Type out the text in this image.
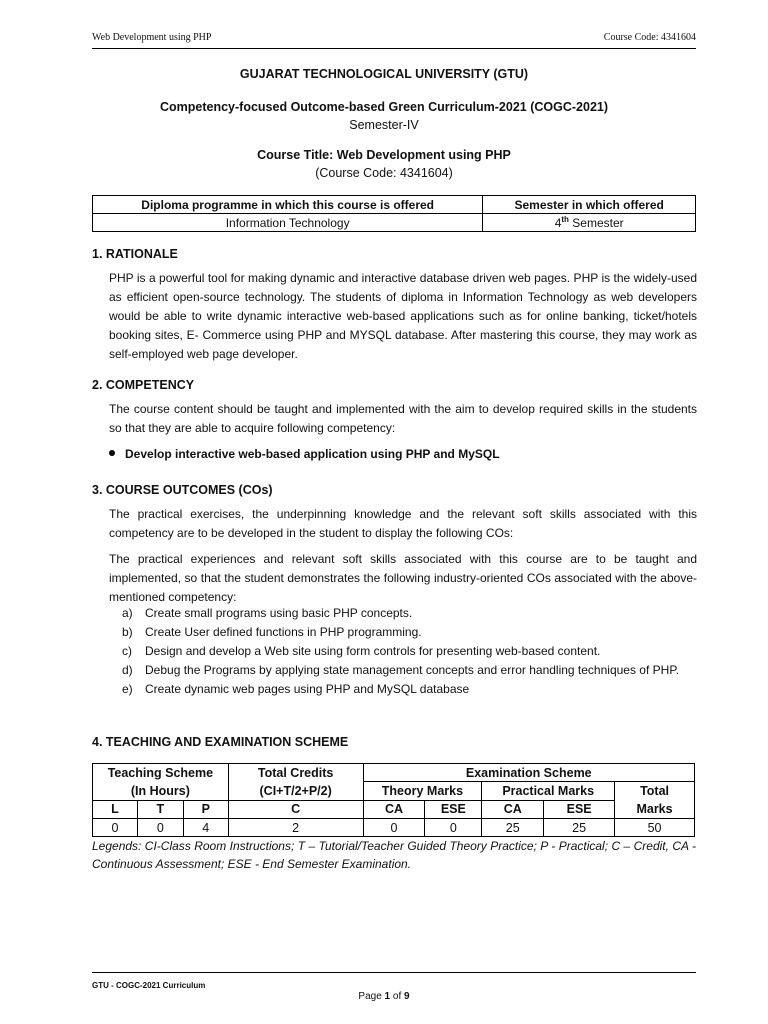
Web Development using PHP	Course Code: 4341604
GUJARAT TECHNOLOGICAL UNIVERSITY (GTU)
Competency-focused Outcome-based Green Curriculum-2021 (COGC-2021)
Semester-IV
Course Title: Web Development using PHP
(Course Code: 4341604)
Diploma programme in which this course is offered	Semester in which offered
Information Technology	4th Semester
1. RATIONALE
PHP is a powerful tool for making dynamic and interactive database driven web pages. PHP is the widely-used as efficient open-source technology. The students of diploma in Information Technology as web developers would be able to write dynamic interactive web-based applications such as for online banking, ticket/hotels booking sites, E- Commerce using PHP and MYSQL database. After mastering this course, they may work as self-employed web page developer.
2. COMPETENCY
The course content should be taught and implemented with the aim to develop required skills in the students so that they are able to acquire following competency:
Develop interactive web-based application using PHP and MySQL
3. COURSE OUTCOMES (COs)
The practical exercises, the underpinning knowledge and the relevant soft skills associated with this competency are to be developed in the student to display the following COs:
The practical experiences and relevant soft skills associated with this course are to be taught and implemented, so that the student demonstrates the following industry-oriented COs associated with the above-mentioned competency:
a) Create small programs using basic PHP concepts.
b) Create User defined functions in PHP programming.
c) Design and develop a Web site using form controls for presenting web-based content.
d) Debug the Programs by applying state management concepts and error handling techniques of PHP.
e) Create dynamic web pages using PHP and MySQL database
4. TEACHING AND EXAMINATION SCHEME
Teaching Scheme			Total Credits	Examination Scheme				
(In Hours)			(CI+T/2+P/2)	Theory Marks		Practical Marks		Total
Marks
L	T	P	C	CA	ESE	CA	ESE	
0	0	4	2	0	0	25	25	50
Legends: CI-Class Room Instructions; T – Tutorial/Teacher Guided Theory Practice; P - Practical; C – Credit, CA - Continuous Assessment; ESE - End Semester Examination.
GTU - COGC-2021 Curriculum
Page 1 of 9
